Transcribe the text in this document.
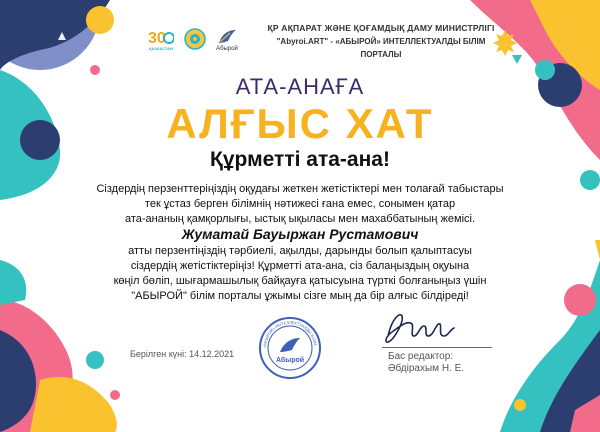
30
ҚАЗАҚСТАН	Абырой
ҚР АҚПАРАТ ЖӘНЕ ҚОҒАМДЫҚ ДАМУ МИНИСТРЛІГІ
"Abyroi.ART" - «АБЫРОЙ» ИНТЕЛЛЕКТУАЛДЫ БІЛІМ ПОРТАЛЫ

АТА-АНАҒА

АЛҒЫС ХАТ

Құрметті ата-ана!

Сіздердің перзенттеріңіздің оқудағы жеткен жетістіктері мен толағай табыстары

тек ұстаз берген білімнің нәтижесі ғана емес, сонымен қатар

ата-ананың қамқорлығы, ыстық ықыласы мен махаббатының жемісі.

Жуматай Бауыржан Рустамович

атты перзентіңіздің тәрбиелі, ақылды, дарынды болып қалыптасуы

сіздердің жетістіктеріңіз! Құрметті ата-ана, сіз балаңыздың оқуына

көңіл бөліп, шығармашылық байқауға қатысуына түрткі болғаныңыз үшін

"АБЫРОЙ" білім порталы ұжымы сізге мың да бір алғыс білдіреді!

Берілген күні: 14.12.2021
«АБЫРОЙ» ИНТЕЛЛЕКТУАЛДЫ БІЛІМ
Абырой	Бас редактор:
Әбдірахым Н. Е.
